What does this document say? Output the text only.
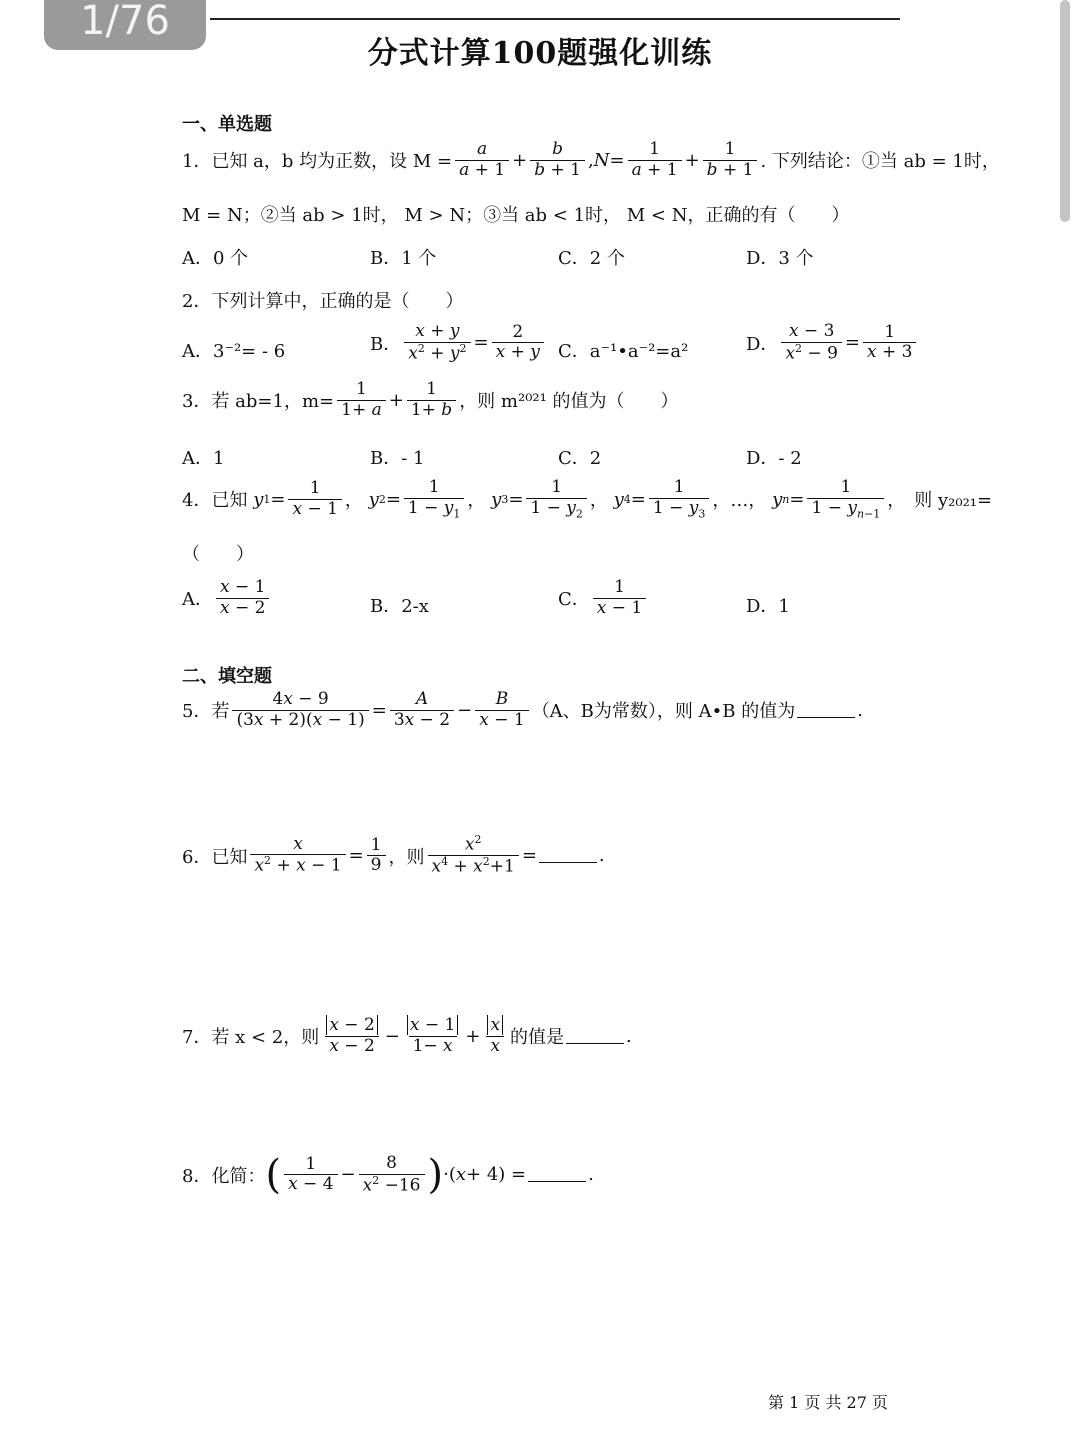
1/76
分式计算100题强化训练
一、单选题
1．已知 a，b 均为正数，设 $M = \frac{a}{a + 1} + \frac{b}{b + 1}$ , $N = \frac{1}{a + 1} + \frac{1}{b + 1}$ . 下列结论：①当 ab = 1时，
M = N；②当 ab > 1时， M > N；③当 ab < 1时， M < N，正确的有（　　）
A．0 个	B．1 个	C．2 个	D．3 个
2．下列计算中，正确的是（　　）
A．3⁻²= - 6	B． $\frac{x + y}{x^2 + y^2} = \frac{2}{x + y}$ C．a⁻¹•a⁻²=a²	D． $\frac{x - 3}{x^2 - 9} = \frac{1}{x + 3}$
3．若 ab=1，$m= \frac{1}{1+ a} + \frac{1}{1+ b}$ ，则 m²⁰²¹ 的值为（　　）
A．1	B．- 1	C．2	D．- 2
4．已知
y $1 = \frac{1}{x - 1}$ ， y $2 = \frac{1}{1 - y_1}$ ， y $3 = \frac{1}{1 - y_2}$ ， y $4 = \frac{1}{1 - y_3}$ ，…，
y $n = \frac{1}{1 - y_{n-1}}$ ，　则 y₂₀₂₁=
（　　）
A． $\frac{x - 1}{x - 2}$	B．2-x	C． $\frac{1}{x - 1}$	D．1
二、填空题
5．若 $\frac{4x - 9}{(3x + 2)(x - 1)} = \frac{A}{3x - 2} - \frac{B}{x - 1} (A$、B为常数），则 A•B 的值为	.
6．已知 $\frac{x}{x^2 + x - 1} = \frac{1}{9}$ ，则 $\frac{x^2}{x^4 + x^2+1}$ =	.
7．若 x < 2，则 $\frac{x - 2}{x - 2} - \frac{x - 1}{1- x} + \frac{x}{x}$ 的值是	.
8．化简： ( $\frac{1}{x - 4} - \frac{8}{x^2 -16}$ ) ·( x + 4) =	.
第 1 页 共 27 页
